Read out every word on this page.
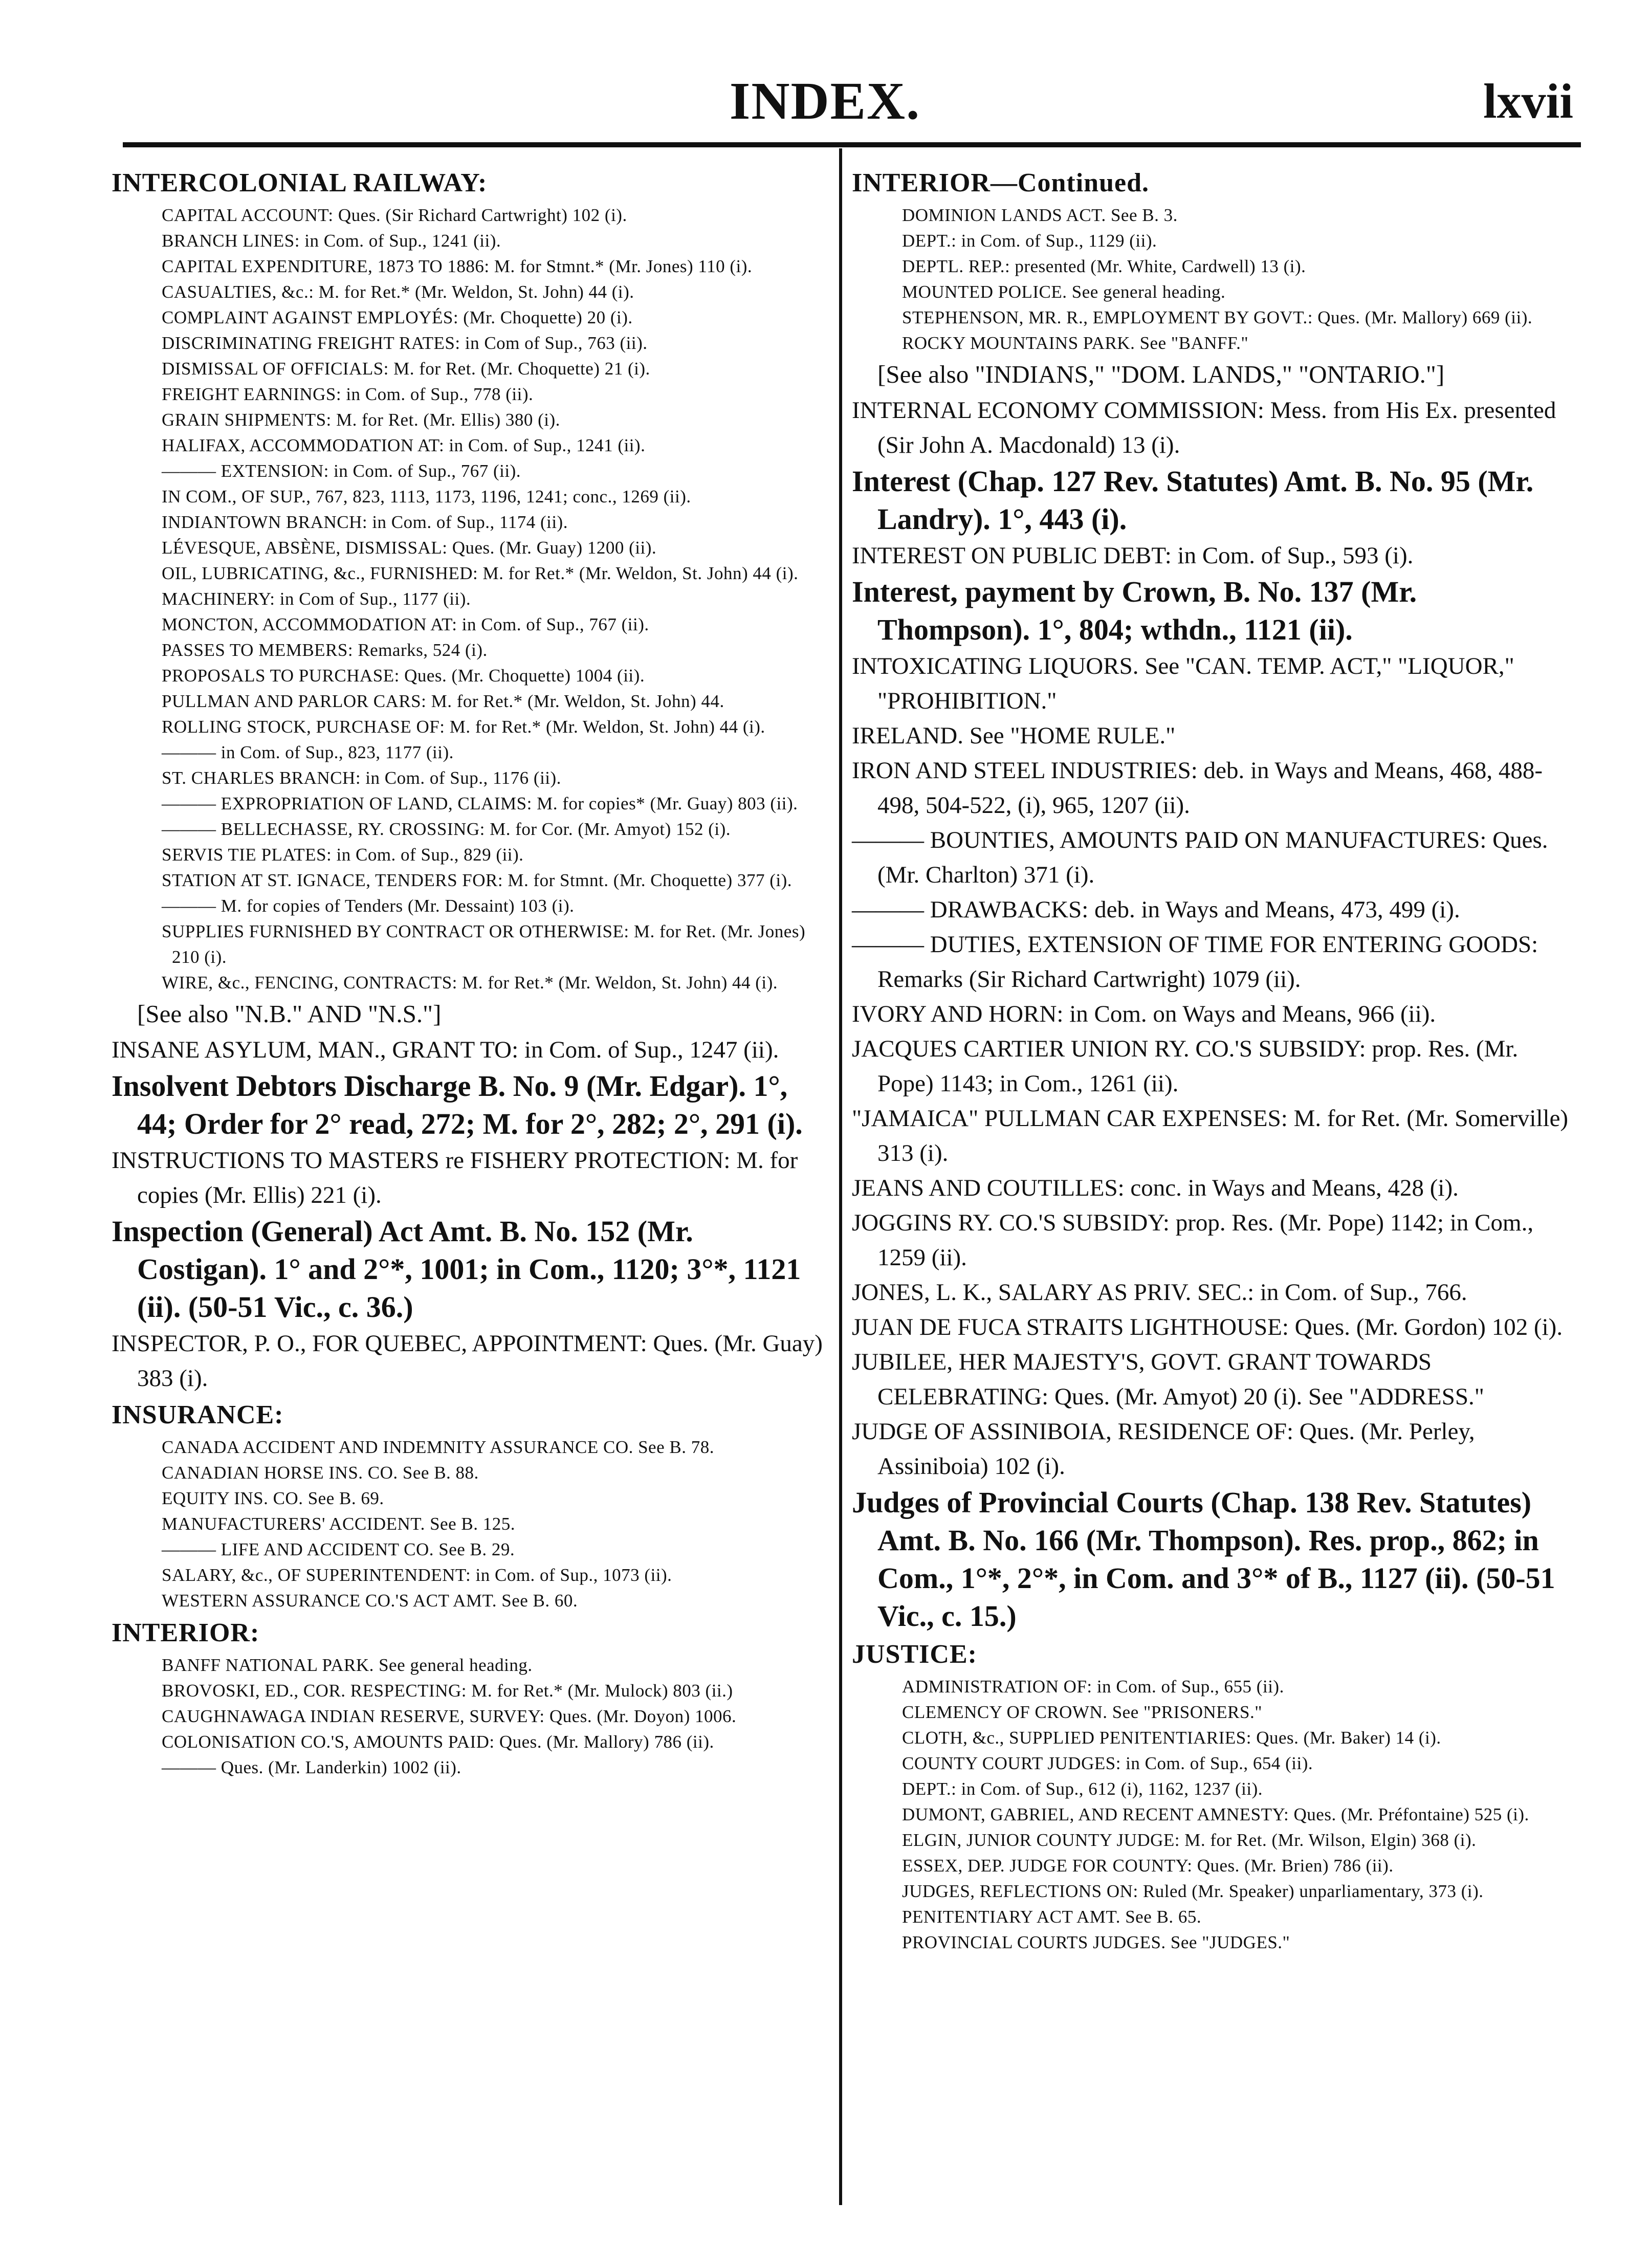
INDEX.	lxvii

INTERCOLONIAL RAILWAY:

CAPITAL ACCOUNT: Ques. (Sir Richard Cartwright) 102 (i).

BRANCH LINES: in Com. of Sup., 1241 (ii).

CAPITAL EXPENDITURE, 1873 TO 1886: M. for Stmnt.* (Mr. Jones) 110 (i).

CASUALTIES, &c.: M. for Ret.* (Mr. Weldon, St. John) 44 (i).

COMPLAINT AGAINST EMPLOYÉS: (Mr. Choquette) 20 (i).

DISCRIMINATING FREIGHT RATES: in Com of Sup., 763 (ii).

DISMISSAL OF OFFICIALS: M. for Ret. (Mr. Choquette) 21 (i).

FREIGHT EARNINGS: in Com. of Sup., 778 (ii).

GRAIN SHIPMENTS: M. for Ret. (Mr. Ellis) 380 (i).

HALIFAX, ACCOMMODATION AT: in Com. of Sup., 1241 (ii).

——— EXTENSION: in Com. of Sup., 767 (ii).

IN COM., OF SUP., 767, 823, 1113, 1173, 1196, 1241; conc., 1269 (ii).

INDIANTOWN BRANCH: in Com. of Sup., 1174 (ii).

LÉVESQUE, ABSÈNE, DISMISSAL: Ques. (Mr. Guay) 1200 (ii).

OIL, LUBRICATING, &c., FURNISHED: M. for Ret.* (Mr. Weldon, St. John) 44 (i).

MACHINERY: in Com of Sup., 1177 (ii).

MONCTON, ACCOMMODATION AT: in Com. of Sup., 767 (ii).

PASSES TO MEMBERS: Remarks, 524 (i).

PROPOSALS TO PURCHASE: Ques. (Mr. Choquette) 1004 (ii).

PULLMAN AND PARLOR CARS: M. for Ret.* (Mr. Weldon, St. John) 44.

ROLLING STOCK, PURCHASE OF: M. for Ret.* (Mr. Weldon, St. John) 44 (i).

——— in Com. of Sup., 823, 1177 (ii).

ST. CHARLES BRANCH: in Com. of Sup., 1176 (ii).

——— EXPROPRIATION OF LAND, CLAIMS: M. for copies* (Mr. Guay) 803 (ii).

——— BELLECHASSE, RY. CROSSING: M. for Cor. (Mr. Amyot) 152 (i).

SERVIS TIE PLATES: in Com. of Sup., 829 (ii).

STATION AT ST. IGNACE, TENDERS FOR: M. for Stmnt. (Mr. Choquette) 377 (i).

——— M. for copies of Tenders (Mr. Dessaint) 103 (i).

SUPPLIES FURNISHED BY CONTRACT OR OTHERWISE: M. for Ret. (Mr. Jones) 210 (i).

WIRE, &c., FENCING, CONTRACTS: M. for Ret.* (Mr. Weldon, St. John) 44 (i).

[See also "N.B." AND "N.S."]

INSANE ASYLUM, MAN., GRANT TO: in Com. of Sup., 1247 (ii).

Insolvent Debtors Discharge B. No. 9 (Mr. Edgar). 1°, 44; Order for 2° read, 272; M. for 2°, 282; 2°, 291 (i).

INSTRUCTIONS TO MASTERS re FISHERY PROTECTION: M. for copies (Mr. Ellis) 221 (i).

Inspection (General) Act Amt. B. No. 152 (Mr. Costigan). 1° and 2°*, 1001; in Com., 1120; 3°*, 1121 (ii). (50-51 Vic., c. 36.)

INSPECTOR, P. O., FOR QUEBEC, APPOINTMENT: Ques. (Mr. Guay) 383 (i).

INSURANCE:

CANADA ACCIDENT AND INDEMNITY ASSURANCE CO. See B. 78.

CANADIAN HORSE INS. CO. See B. 88.

EQUITY INS. CO. See B. 69.

MANUFACTURERS' ACCIDENT. See B. 125.

——— LIFE AND ACCIDENT CO. See B. 29.

SALARY, &c., OF SUPERINTENDENT: in Com. of Sup., 1073 (ii).

WESTERN ASSURANCE CO.'S ACT AMT. See B. 60.

INTERIOR:

BANFF NATIONAL PARK. See general heading.

BROVOSKI, ED., COR. RESPECTING: M. for Ret.* (Mr. Mulock) 803 (ii.)

CAUGHNAWAGA INDIAN RESERVE, SURVEY: Ques. (Mr. Doyon) 1006.

COLONISATION CO.'S, AMOUNTS PAID: Ques. (Mr. Mallory) 786 (ii).

——— Ques. (Mr. Landerkin) 1002 (ii).

INTERIOR—Continued.

DOMINION LANDS ACT. See B. 3.

DEPT.: in Com. of Sup., 1129 (ii).

DEPTL. REP.: presented (Mr. White, Cardwell) 13 (i).

MOUNTED POLICE. See general heading.

STEPHENSON, MR. R., EMPLOYMENT BY GOVT.: Ques. (Mr. Mallory) 669 (ii).

ROCKY MOUNTAINS PARK. See "BANFF."

[See also "INDIANS," "DOM. LANDS," "ONTARIO."]

INTERNAL ECONOMY COMMISSION: Mess. from His Ex. presented (Sir John A. Macdonald) 13 (i).

Interest (Chap. 127 Rev. Statutes) Amt. B. No. 95 (Mr. Landry). 1°, 443 (i).

INTEREST ON PUBLIC DEBT: in Com. of Sup., 593 (i).

Interest, payment by Crown, B. No. 137 (Mr. Thompson). 1°, 804; wthdn., 1121 (ii).

INTOXICATING LIQUORS. See "CAN. TEMP. ACT," "LIQUOR," "PROHIBITION."

IRELAND. See "HOME RULE."

IRON AND STEEL INDUSTRIES: deb. in Ways and Means, 468, 488-498, 504-522, (i), 965, 1207 (ii).

——— BOUNTIES, AMOUNTS PAID ON MANUFACTURES: Ques. (Mr. Charlton) 371 (i).

——— DRAWBACKS: deb. in Ways and Means, 473, 499 (i).

——— DUTIES, EXTENSION OF TIME FOR ENTERING GOODS: Remarks (Sir Richard Cartwright) 1079 (ii).

IVORY AND HORN: in Com. on Ways and Means, 966 (ii).

JACQUES CARTIER UNION RY. CO.'S SUBSIDY: prop. Res. (Mr. Pope) 1143; in Com., 1261 (ii).

"JAMAICA" PULLMAN CAR EXPENSES: M. for Ret. (Mr. Somerville) 313 (i).

JEANS AND COUTILLES: conc. in Ways and Means, 428 (i).

JOGGINS RY. CO.'S SUBSIDY: prop. Res. (Mr. Pope) 1142; in Com., 1259 (ii).

JONES, L. K., SALARY AS PRIV. SEC.: in Com. of Sup., 766.

JUAN DE FUCA STRAITS LIGHTHOUSE: Ques. (Mr. Gordon) 102 (i).

JUBILEE, HER MAJESTY'S, GOVT. GRANT TOWARDS CELEBRATING: Ques. (Mr. Amyot) 20 (i). See "ADDRESS."

JUDGE OF ASSINIBOIA, RESIDENCE OF: Ques. (Mr. Perley, Assiniboia) 102 (i).

Judges of Provincial Courts (Chap. 138 Rev. Statutes) Amt. B. No. 166 (Mr. Thompson). Res. prop., 862; in Com., 1°*, 2°*, in Com. and 3°* of B., 1127 (ii). (50-51 Vic., c. 15.)

JUSTICE:

ADMINISTRATION OF: in Com. of Sup., 655 (ii).

CLEMENCY OF CROWN. See "PRISONERS."

CLOTH, &c., SUPPLIED PENITENTIARIES: Ques. (Mr. Baker) 14 (i).

COUNTY COURT JUDGES: in Com. of Sup., 654 (ii).

DEPT.: in Com. of Sup., 612 (i), 1162, 1237 (ii).

DUMONT, GABRIEL, AND RECENT AMNESTY: Ques. (Mr. Préfontaine) 525 (i).

ELGIN, JUNIOR COUNTY JUDGE: M. for Ret. (Mr. Wilson, Elgin) 368 (i).

ESSEX, DEP. JUDGE FOR COUNTY: Ques. (Mr. Brien) 786 (ii).

JUDGES, REFLECTIONS ON: Ruled (Mr. Speaker) unparliamentary, 373 (i).

PENITENTIARY ACT AMT. See B. 65.

PROVINCIAL COURTS JUDGES. See "JUDGES."
